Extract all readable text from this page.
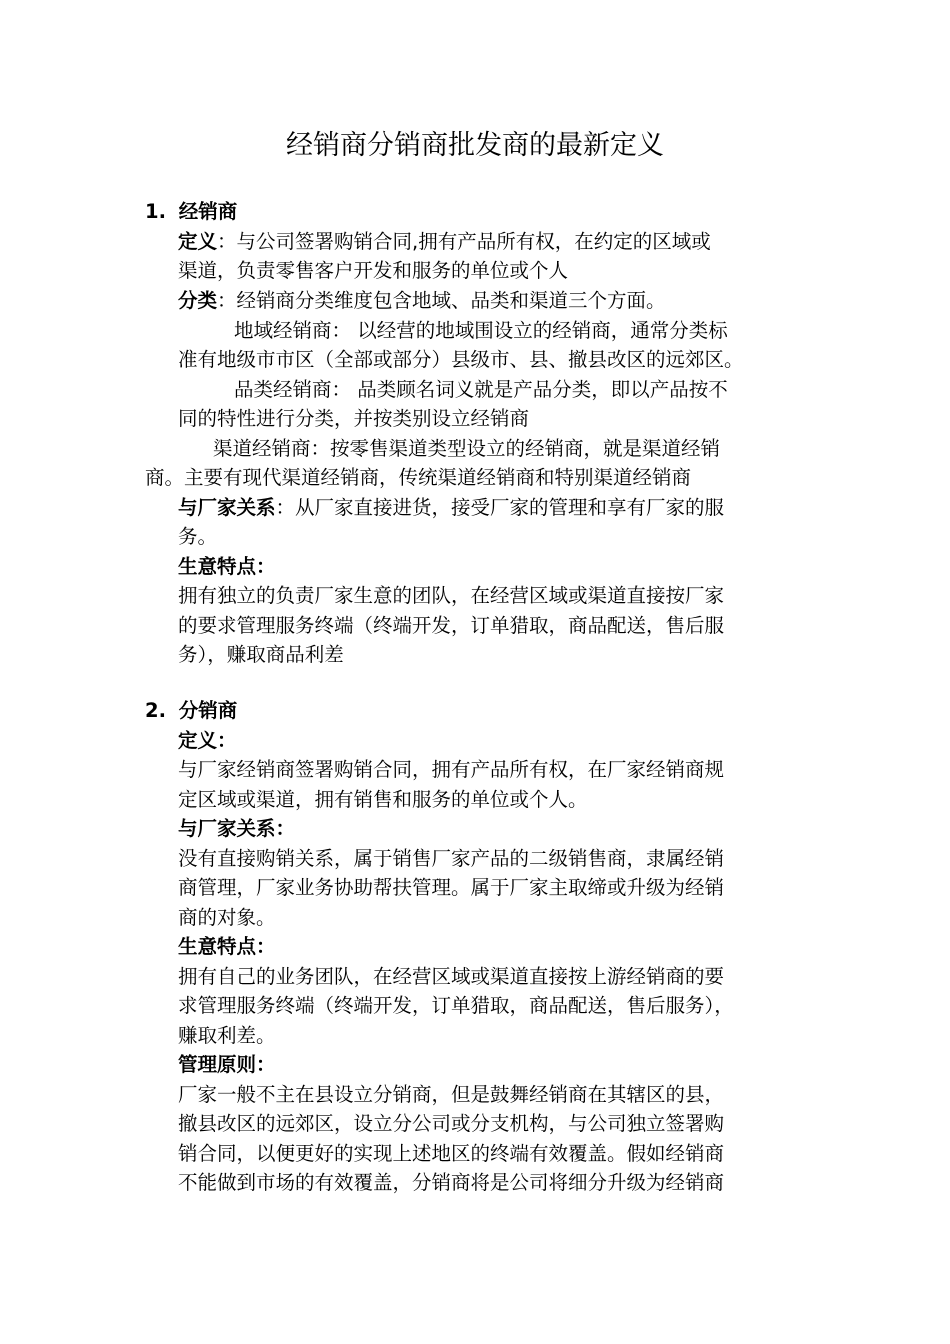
经销商分销商批发商的最新定义
1. 经销商
定义：与公司签署购销合同,拥有产品所有权，在约定的区域或
渠道，负责零售客户开发和服务的单位或个人
分类：经销商分类维度包含地域、品类和渠道三个方面。
地域经销商： 以经营的地域围设立的经销商，通常分类标
准有地级市市区（全部或部分）县级市、县、撤县改区的远郊区。
品类经销商： 品类顾名词义就是产品分类，即以产品按不
同的特性进行分类，并按类别设立经销商
渠道经销商：按零售渠道类型设立的经销商，就是渠道经销
商。主要有现代渠道经销商，传统渠道经销商和特别渠道经销商
与厂家关系：从厂家直接进货，接受厂家的管理和享有厂家的服
务。
生意特点：
拥有独立的负责厂家生意的团队，在经营区域或渠道直接按厂家
的要求管理服务终端（终端开发，订单猎取，商品配送，售后服
务），赚取商品利差
2. 分销商
定义：
与厂家经销商签署购销合同，拥有产品所有权，在厂家经销商规
定区域或渠道，拥有销售和服务的单位或个人。
与厂家关系：
没有直接购销关系，属于销售厂家产品的二级销售商，隶属经销
商管理，厂家业务协助帮扶管理。属于厂家主取缔或升级为经销
商的对象。
生意特点：
拥有自己的业务团队，在经营区域或渠道直接按上游经销商的要
求管理服务终端（终端开发，订单猎取，商品配送，售后服务），
赚取利差。
管理原则：
厂家一般不主在县设立分销商，但是鼓舞经销商在其辖区的县，
撤县改区的远郊区，设立分公司或分支机构，与公司独立签署购
销合同，以便更好的实现上述地区的终端有效覆盖。假如经销商
不能做到市场的有效覆盖，分销商将是公司将细分升级为经销商
